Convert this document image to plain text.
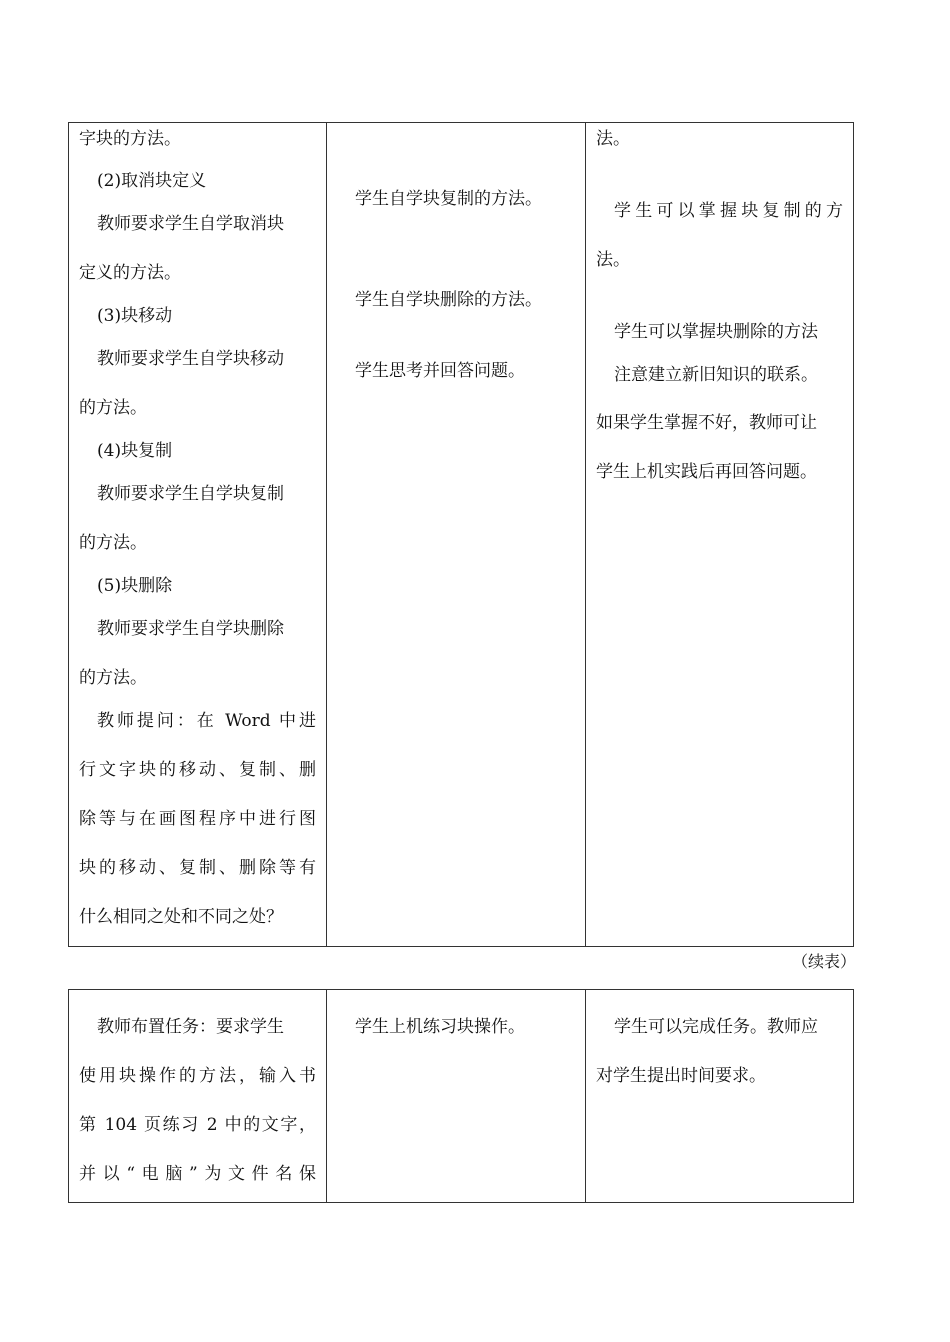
字块的方法。
(2)取消块定义
教师要求学生自学取消块
定义的方法。
(3)块移动
教师要求学生自学块移动
的方法。
(4)块复制
教师要求学生自学块复制
的方法。
(5)块删除
教师要求学生自学块删除
的方法。
教师提问：在 Word 中进
行文字块的移动、复制、删
除等与在画图程序中进行图
块的移动、复制、删除等有
什么相同之处和不同之处？
学生自学块复制的方法。
学生自学块删除的方法。
学生思考并回答问题。
法。
学生可以掌握块复制的方
法。
学生可以掌握块删除的方法
注意建立新旧知识的联系。
如果学生掌握不好，教师可让
学生上机实践后再回答问题。
（续表）
教师布置任务：要求学生
使用块操作的方法，输入书
第 104 页练习 2 中的文字，
并以“电脑”为文件名保
学生上机练习块操作。	学生可以完成任务。教师应
对学生提出时间要求。
